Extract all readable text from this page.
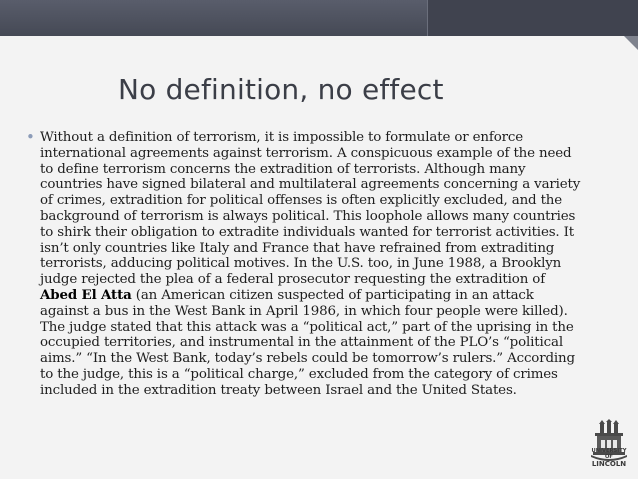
No definition, no effect
• Without a definition of terrorism, it is impossible to formulate or enforce international agreements against terrorism. A conspicuous example of the need to define terrorism concerns the extradition of terrorists. Although many countries have signed bilateral and multilateral agreements concerning a variety of crimes, extradition for political offenses is often explicitly excluded, and the background of terrorism is always political. This loophole allows many countries to shirk their obligation to extradite individuals wanted for terrorist activities. It isn’t only countries like Italy and France that have refrained from extraditing terrorists, adducing political motives. In the U.S. too, in June 1988, a Brooklyn judge rejected the plea of a federal prosecutor requesting the extradition of Abed El Atta (an American citizen suspected of participating in an attack against a bus in the West Bank in April 1986, in which four people were killed). The judge stated that this attack was a “political act,” part of the uprising in the occupied territories, and instrumental in the attainment of the PLO’s “political aims.” “In the West Bank, today’s rebels could be tomorrow’s rulers.” According to the judge, this is a “political charge,” excluded from the category of crimes included in the extradition treaty between Israel and the United States.

UNIVERSITY OF
LINCOLN
